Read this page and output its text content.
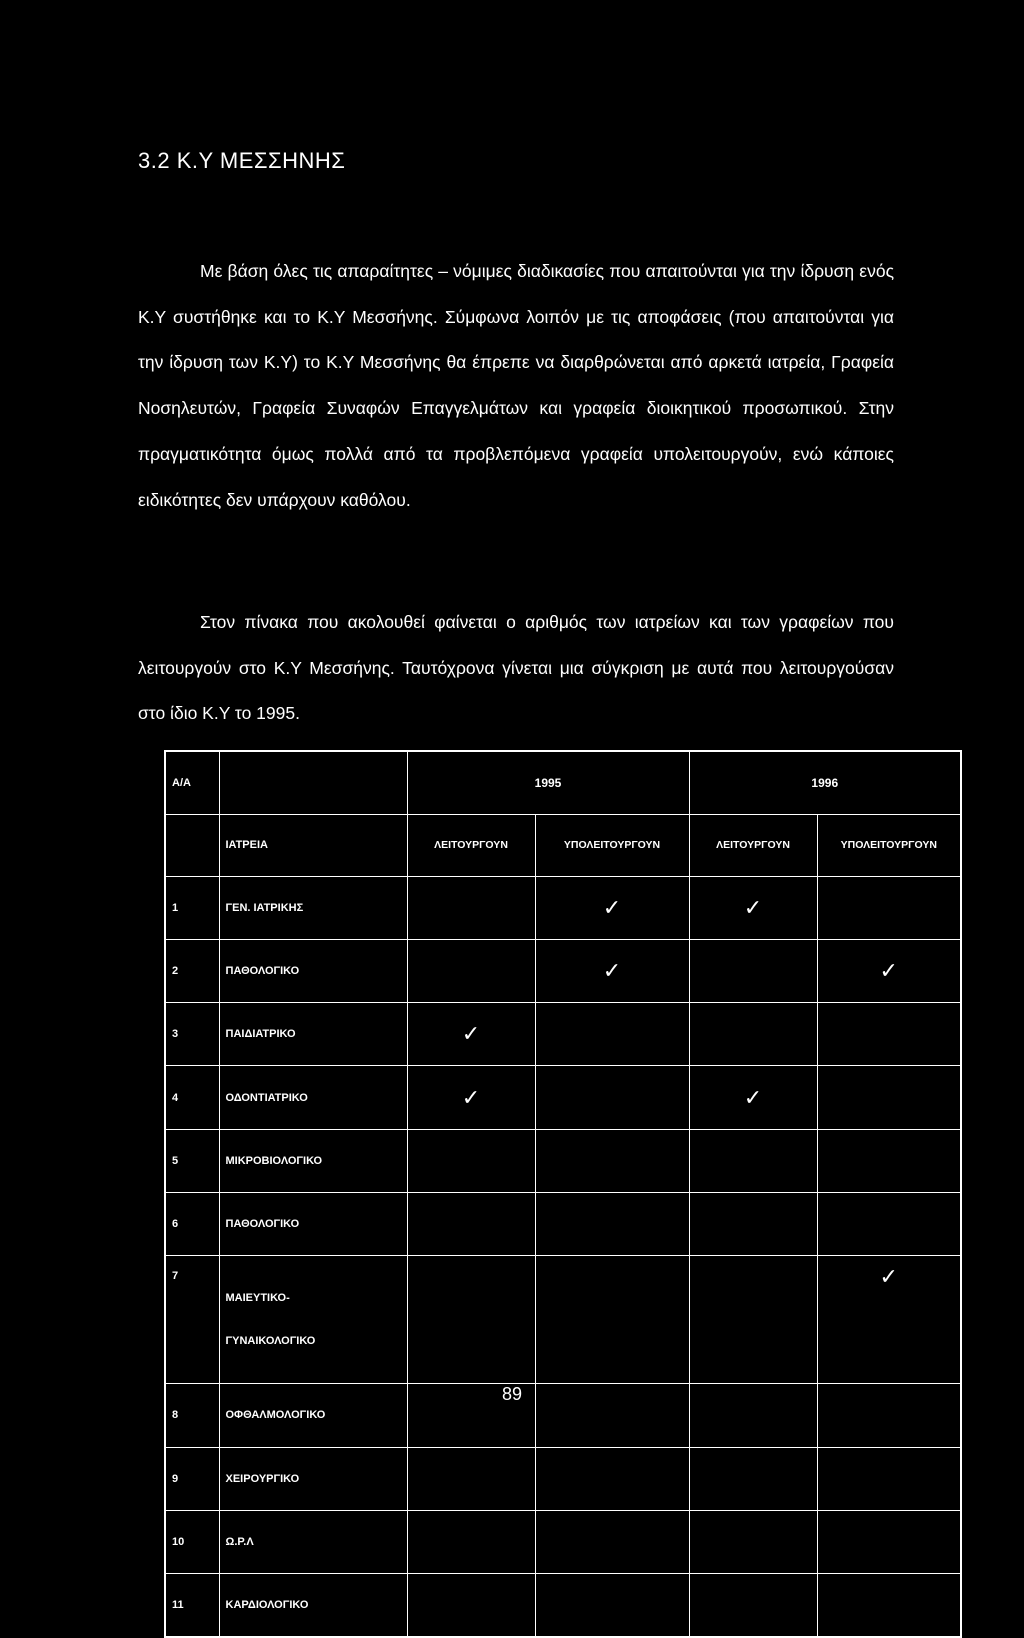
3.2 Κ.Υ ΜΕΣΣΗΝΗΣ

Με βάση όλες τις απαραίτητες – νόμιμες διαδικασίες που απαιτούνται για την ίδρυση ενός Κ.Υ συστήθηκε και το Κ.Υ Μεσσήνης. Σύμφωνα λοιπόν με τις αποφάσεις (που απαιτούνται για την ίδρυση των Κ.Υ) το Κ.Υ Μεσσήνης θα έπρεπε να διαρθρώνεται από αρκετά ιατρεία, Γραφεία Νοσηλευτών, Γραφεία Συναφών Επαγγελμάτων και γραφεία διοικητικού προσωπικού. Στην πραγματικότητα όμως πολλά από τα προβλεπόμενα γραφεία υπολειτουργούν, ενώ κάποιες ειδικότητες δεν υπάρχουν καθόλου.

Στον πίνακα που ακολουθεί φαίνεται ο αριθμός των ιατρείων και των γραφείων που λειτουργούν στο Κ.Υ Μεσσήνης. Ταυτόχρονα γίνεται μια σύγκριση με αυτά που λειτουργούσαν στο ίδιο Κ.Υ το 1995.

Α/Α		1995		1996	
	ΙΑΤΡΕΙΑ	ΛΕΙΤΟΥΡΓΟΥΝ	ΥΠΟΛΕΙΤΟΥΡΓΟΥΝ	ΛΕΙΤΟΥΡΓΟΥΝ	ΥΠΟΛΕΙΤΟΥΡΓΟΥΝ
1	ΓΕΝ. ΙΑΤΡΙΚΗΣ		✓	✓	
2	ΠΑΘΟΛΟΓΙΚΟ		✓		✓
3	ΠΑΙΔΙΑΤΡΙΚΟ	✓			
4	ΟΔΟΝΤΙΑΤΡΙΚΟ	✓		✓	
5	ΜΙΚΡΟΒΙΟΛΟΓΙΚΟ				
6	ΠΑΘΟΛΟΓΙΚΟ				
7	ΜΑΙΕΥΤΙΚΟ-
ΓΥΝΑΙΚΟΛΟΓΙΚΟ				✓
8	ΟΦΘΑΛΜΟΛΟΓΙΚΟ				
9	ΧΕΙΡΟΥΡΓΙΚΟ				
10	Ω.Ρ.Λ				
11	ΚΑΡΔΙΟΛΟΓΙΚΟ				
89
